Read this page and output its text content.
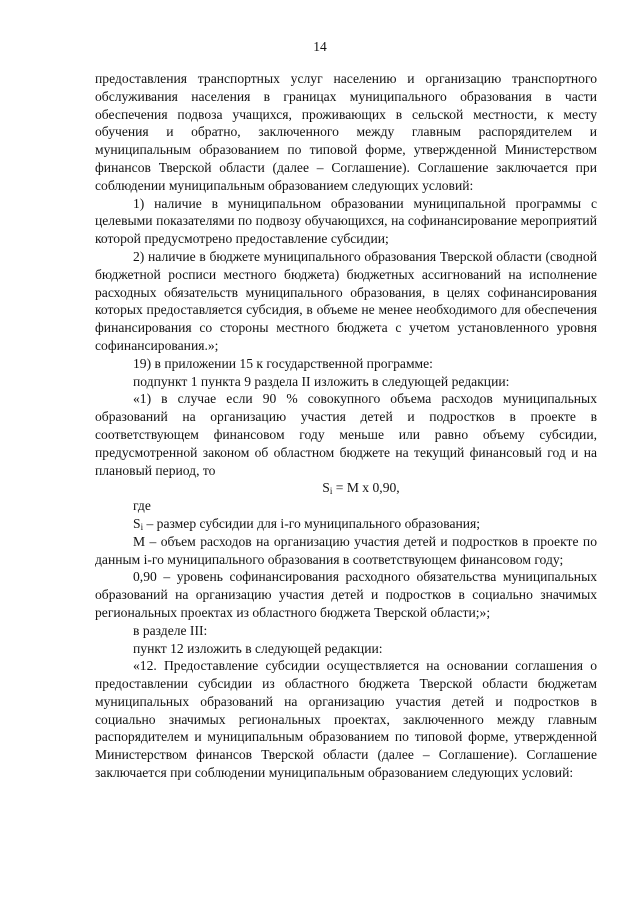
14

предоставления транспортных услуг населению и организацию транспортного обслуживания населения в границах муниципального образования в части обеспечения подвоза учащихся, проживающих в сельской местности, к месту обучения и обратно, заключенного между главным распорядителем и муниципальным образованием по типовой форме, утвержденной Министерством финансов Тверской области (далее – Соглашение). Соглашение заключается при соблюдении муниципальным образованием следующих условий:

1) наличие в муниципальном образовании муниципальной программы с целевыми показателями по подвозу обучающихся, на софинансирование мероприятий которой предусмотрено предоставление субсидии;

2) наличие в бюджете муниципального образования Тверской области (сводной бюджетной росписи местного бюджета) бюджетных ассигнований на исполнение расходных обязательств муниципального образования, в целях софинансирования которых предоставляется субсидия, в объеме не менее необходимого для обеспечения финансирования со стороны местного бюджета с учетом установленного уровня софинансирования.»;

19) в приложении 15 к государственной программе:

подпункт 1 пункта 9 раздела II изложить в следующей редакции:

«1) в случае если 90 % совокупного объема расходов муниципальных образований на организацию участия детей и подростков в проекте в соответствующем финансовом году меньше или равно объему субсидии, предусмотренной законом об областном бюджете на текущий финансовый год и на плановый период, то

$S_i = M$ x 0,90,

где

$S_i$ – размер субсидии для i-го муниципального образования;

М – объем расходов на организацию участия детей и подростков в проекте по данным i-го муниципального образования в соответствующем финансовом году;

0,90 – уровень софинансирования расходного обязательства муниципальных образований на организацию участия детей и подростков в социально значимых региональных проектах из областного бюджета Тверской области;»;

в разделе III:

пункт 12 изложить в следующей редакции:

«12. Предоставление субсидии осуществляется на основании соглашения о предоставлении субсидии из областного бюджета Тверской области бюджетам муниципальных образований на организацию участия детей и подростков в социально значимых региональных проектах, заключенного между главным распорядителем и муниципальным образованием по типовой форме, утвержденной Министерством финансов Тверской области (далее – Соглашение). Соглашение заключается при соблюдении муниципальным образованием следующих условий:
